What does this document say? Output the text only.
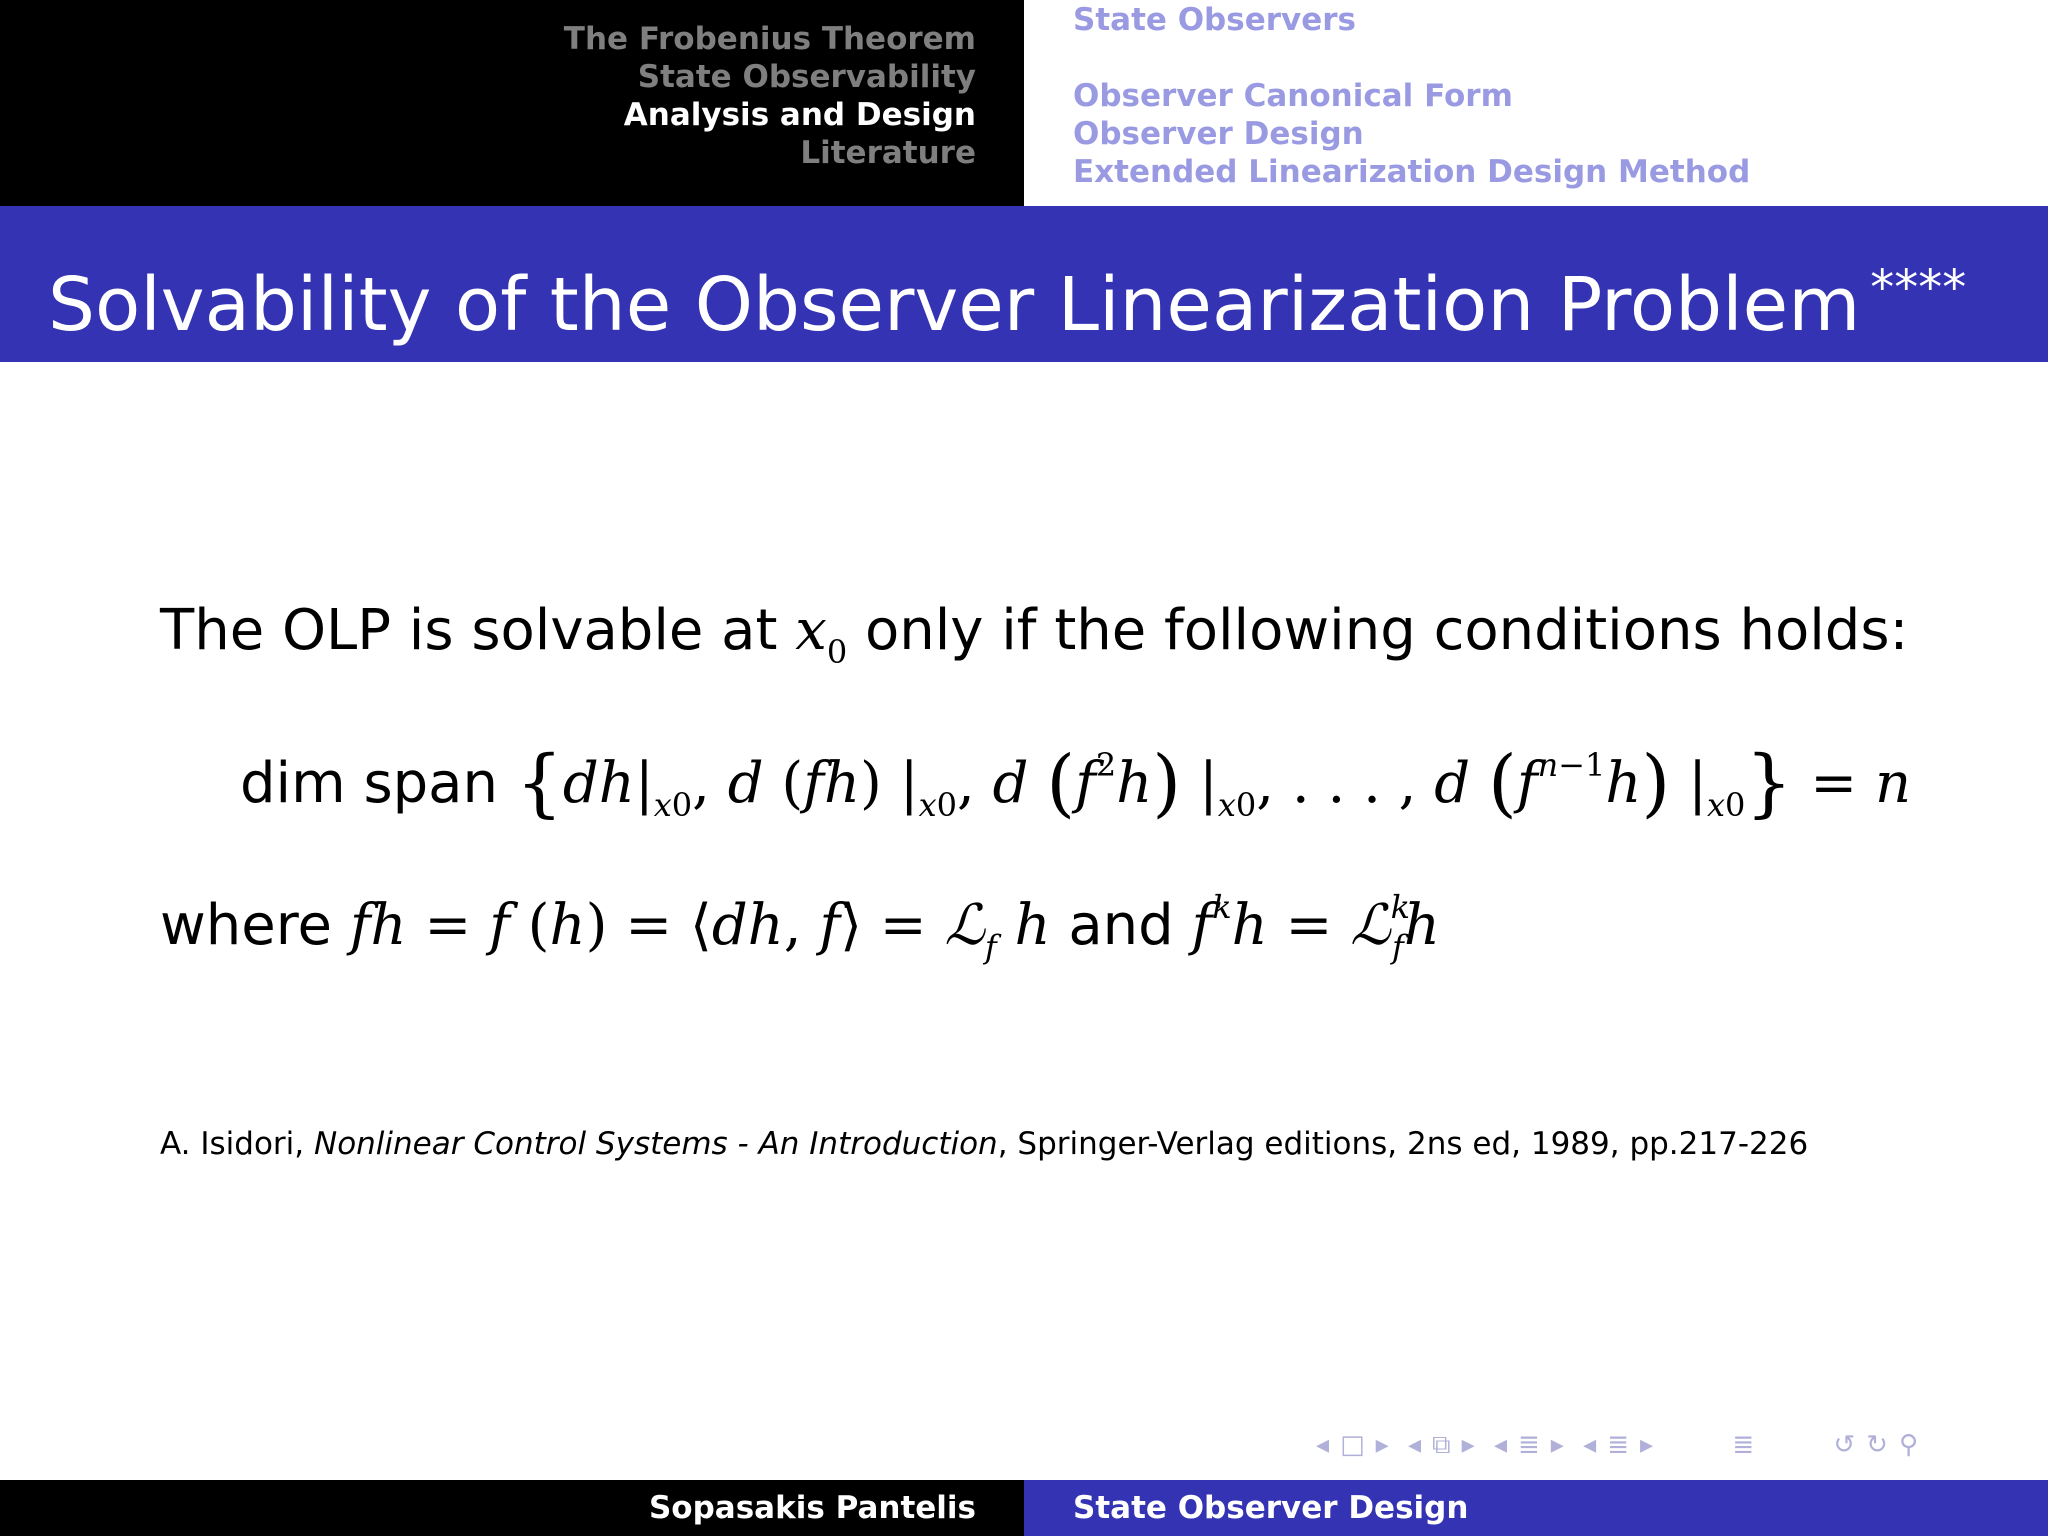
The Frobenius Theorem
State Observability
Analysis and Design
Literature
State Observers
Observer Linearization Problem
Observer Canonical Form
Observer Design
Extended Linearization Design Method
Solvability of the Observer Linearization Problem ****
The OLP is solvable at $x_0$ only if the following conditions holds:
dim span {$dh|_{x0}$, d (fh) $|_{x0}$, d $(f^2h)$ $|_{x0}$, . . . , d $(f^{n-1}h) |_{x0}\} = n$
where fh = f (h) = ⟨dh, f⟩ = ℒ$_f$ h and $f^kh$ = ℒ$^k_f$h
A. Isidori, Nonlinear Control Systems - An Introduction, Springer-Verlag editions, 2ns ed, 1989, pp.217-226
◂ □ ▸ ◂ ⧉ ▸ ◂ ≣ ▸ ◂ ≣ ▸	≣	↺ ↻ ⚲
Sopasakis Pantelis	State Observer Design
